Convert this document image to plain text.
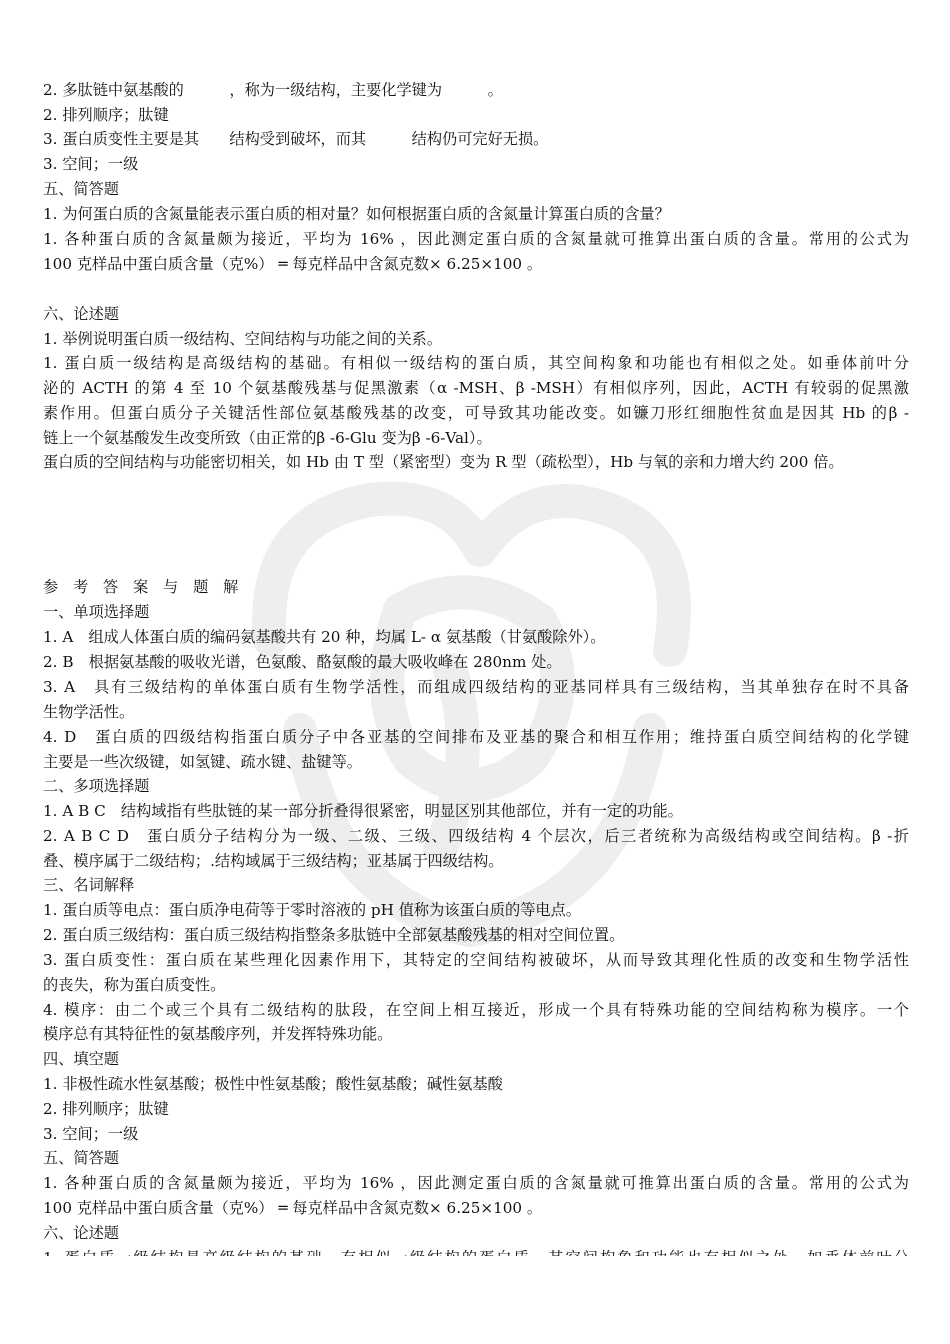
2. 多肽链中氨基酸的　　　，称为一级结构，主要化学键为　　　。
2. 排列顺序；肽键
3. 蛋白质变性主要是其　　结构受到破坏，而其　　　结构仍可完好无损。
3. 空间；一级
五、简答题
1. 为何蛋白质的含氮量能表示蛋白质的相对量？如何根据蛋白质的含氮量计算蛋白质的含量？
1. 各种蛋白质的含氮量颇为接近，平均为 16% ，因此测定蛋白质的含氮量就可推算出蛋白质的含量。常用的公式为
100 克样品中蛋白质含量（克%） ═ 每克样品中含氮克数× 6.25×100 。
六、论述题
1. 举例说明蛋白质一级结构、空间结构与功能之间的关系。
1. 蛋白质一级结构是高级结构的基础。有相似一级结构的蛋白质，其空间构象和功能也有相似之处。如垂体前叶分
泌的 ACTH 的第 4 至 10 个氨基酸残基与促黑激素（α -MSH、β -MSH）有相似序列，因此，ACTH 有较弱的促黑激
素作用。但蛋白质分子关键活性部位氨基酸残基的改变，可导致其功能改变。如镰刀形红细胞性贫血是因其 Hb 的β -
链上一个氨基酸发生改变所致（由正常的β -6-Glu 变为β -6-Val）。
蛋白质的空间结构与功能密切相关，如 Hb 由 T 型（紧密型）变为 R 型（疏松型），Hb 与氧的亲和力增大约 200 倍。
参 考 答 案 与 题 解
一、单项选择题
1. A　组成人体蛋白质的编码氨基酸共有 20 种，均属 L- α 氨基酸（甘氨酸除外）。
2. B　根据氨基酸的吸收光谱，色氨酸、酪氨酸的最大吸收峰在 280nm 处。
3. A　具有三级结构的单体蛋白质有生物学活性，而组成四级结构的亚基同样具有三级结构，当其单独存在时不具备
生物学活性。
4. D　蛋白质的四级结构指蛋白质分子中各亚基的空间排布及亚基的聚合和相互作用；维持蛋白质空间结构的化学键
主要是一些次级键，如氢键、疏水键、盐键等。
二、多项选择题
1. A B C　结构域指有些肽链的某一部分折叠得很紧密，明显区别其他部位，并有一定的功能。
2. A B C D　蛋白质分子结构分为一级、二级、三级、四级结构 4 个层次，后三者统称为高级结构或空间结构。β -折
叠、模序属于二级结构；.结构域属于三级结构；亚基属于四级结构。
三、名词解释
1. 蛋白质等电点：蛋白质净电荷等于零时溶液的 pH 值称为该蛋白质的等电点。
2. 蛋白质三级结构：蛋白质三级结构指整条多肽链中全部氨基酸残基的相对空间位置。
3. 蛋白质变性：蛋白质在某些理化因素作用下，其特定的空间结构被破坏，从而导致其理化性质的改变和生物学活性
的丧失，称为蛋白质变性。
4. 模序：由二个或三个具有二级结构的肽段，在空间上相互接近，形成一个具有特殊功能的空间结构称为模序。一个
模序总有其特征性的氨基酸序列，并发挥特殊功能。
四、填空题
1. 非极性疏水性氨基酸；极性中性氨基酸；酸性氨基酸；碱性氨基酸
2. 排列顺序；肽键
3. 空间；一级
五、简答题
1. 各种蛋白质的含氮量颇为接近，平均为 16% ，因此测定蛋白质的含氮量就可推算出蛋白质的含量。常用的公式为
100 克样品中蛋白质含量（克%） ═ 每克样品中含氮克数× 6.25×100 。
六、论述题
